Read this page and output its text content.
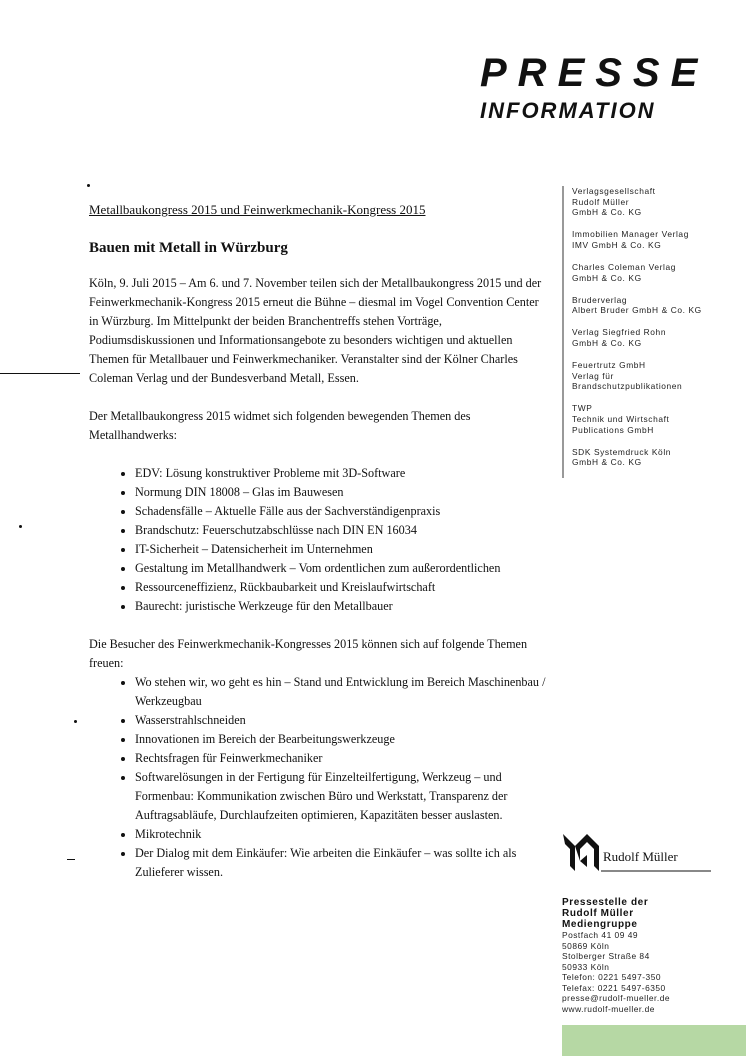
PRESSE
INFORMATION

Metallbaukongress 2015 und Feinwerkmechanik-Kongress 2015

Bauen mit Metall in Würzburg

Köln, 9. Juli 2015 – Am 6. und 7. November teilen sich der Metallbaukongress 2015 und der Feinwerkmechanik-Kongress 2015 erneut die Bühne – diesmal im Vogel Convention Center in Würzburg. Im Mittelpunkt der beiden Branchentreffs stehen Vorträge, Podiumsdiskussionen und Informationsangebote zu besonders wichtigen und aktuellen Themen für Metallbauer und Feinwerkmechaniker. Veranstalter sind der Kölner Charles Coleman Verlag und der Bundesverband Metall, Essen.

Der Metallbaukongress 2015 widmet sich folgenden bewegenden Themen des Metallhandwerks:

• EDV: Lösung konstruktiver Probleme mit 3D-Software
• Normung DIN 18008 – Glas im Bauwesen
• Schadensfälle – Aktuelle Fälle aus der Sachverständigenpraxis
• Brandschutz: Feuerschutzabschlüsse nach DIN EN 16034
• IT-Sicherheit – Datensicherheit im Unternehmen
• Gestaltung im Metallhandwerk – Vom ordentlichen zum außerordentlichen
• Ressourceneffizienz, Rückbaubarkeit und Kreislaufwirtschaft
• Baurecht: juristische Werkzeuge für den Metallbauer

Die Besucher des Feinwerkmechanik-Kongresses 2015 können sich auf folgende Themen freuen:

• Wo stehen wir, wo geht es hin – Stand und Entwicklung im Bereich Maschinenbau / Werkzeugbau
• Wasserstrahlschneiden
• Innovationen im Bereich der Bearbeitungswerkzeuge
• Rechtsfragen für Feinwerkmechaniker
• Softwarelösungen in der Fertigung für Einzelteilfertigung, Werkzeug – und Formenbau: Kommunikation zwischen Büro und Werkstatt, Transparenz der Auftragsabläufe, Durchlaufzeiten optimieren, Kapazitäten besser auslasten.
• Mikrotechnik
• Der Dialog mit dem Einkäufer: Wie arbeiten die Einkäufer – was sollte ich als Zulieferer wissen.
Verlagsgesellschaft
Rudolf Müller
GmbH & Co. KG
Immobilien Manager Verlag
IMV GmbH & Co. KG
Charles Coleman Verlag
GmbH & Co. KG
Bruderverlag
Albert Bruder GmbH & Co. KG
Verlag Siegfried Rohn
GmbH & Co. KG
Feuertrutz GmbH
Verlag für
Brandschutzpublikationen
TWP
Technik und Wirtschaft
Publications GmbH
SDK Systemdruck Köln
GmbH & Co. KG
Rudolf Müller
Pressestelle der
Rudolf Müller
Mediengruppe
Postfach 41 09 49
50869 Köln
Stolberger Straße 84
50933 Köln
Telefon: 0221 5497-350
Telefax: 0221 5497-6350
presse@rudolf-mueller.de
www.rudolf-mueller.de
